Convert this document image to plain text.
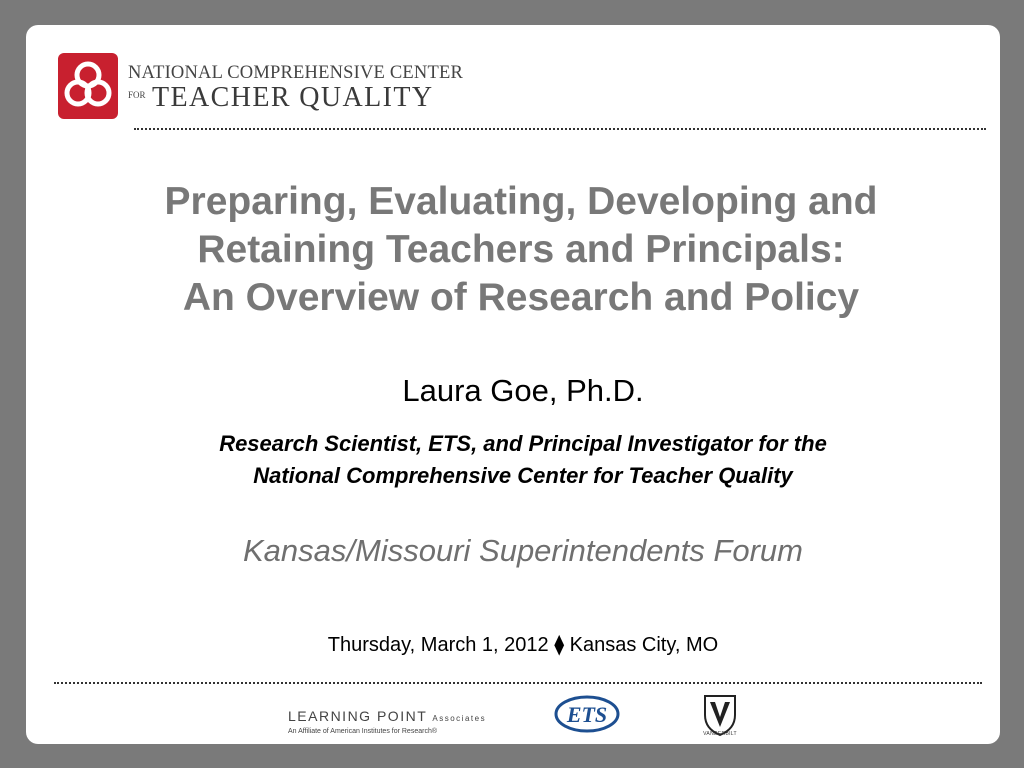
NATIONAL COMPREHENSIVE CENTER
FOR TEACHER QUALITY
Preparing, Evaluating, Developing and
Retaining Teachers and Principals:
An Overview of Research and Policy
Laura Goe, Ph.D.
Research Scientist, ETS, and Principal Investigator for the
National Comprehensive Center for Teacher Quality
Kansas/Missouri Superintendents Forum
Thursday, March 1, 2012 ⧫ Kansas City, MO
LEARNING POINT Associates
An Affiliate of American Institutes for Research®
ETS
VANDERBILT
